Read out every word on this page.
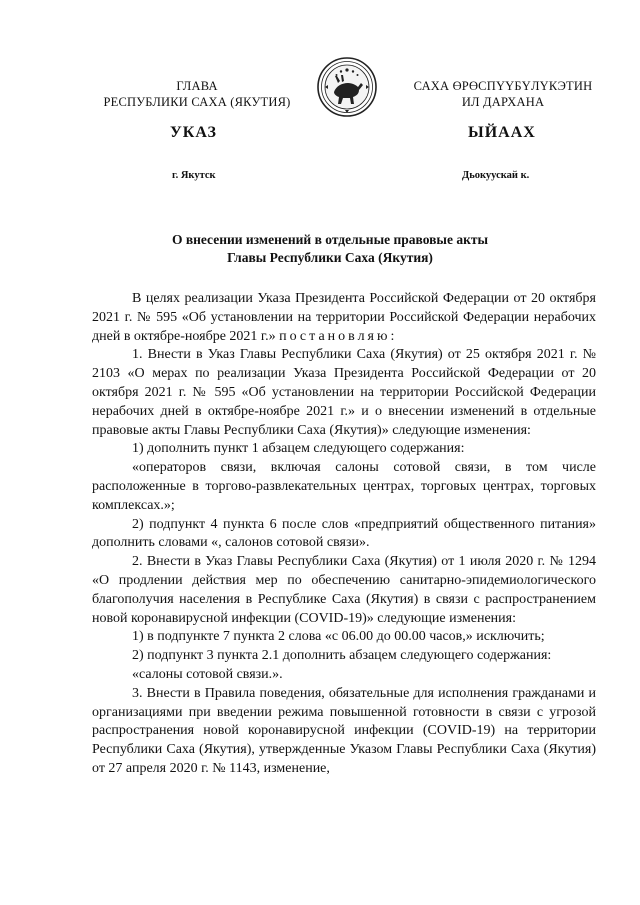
ГЛАВА
РЕСПУБЛИКИ САХА (ЯКУТИЯ)
САХА ӨРӨСПҮҮБҮЛҮКЭТИН
ИЛ ДАРХАНА
УКАЗ	ЫЙААХ
г. Якутск	Дьокуускай к.
О внесении изменений в отдельные правовые акты
Главы Республики Саха (Якутия)

В целях реализации Указа Президента Российской Федерации от 20 октября 2021 г. № 595 «Об установлении на территории Российской Федерации нерабочих дней в октябре-ноябре 2021 г.» постановляю:

1. Внести в Указ Главы Республики Саха (Якутия) от 25 октября 2021 г. № 2103 «О мерах по реализации Указа Президента Российской Федерации от 20 октября 2021 г. № 595 «Об установлении на территории Российской Федерации нерабочих дней в октябре-ноябре 2021 г.» и о внесении изменений в отдельные правовые акты Главы Республики Саха (Якутия)» следующие изменения:

1) дополнить пункт 1 абзацем следующего содержания:

«операторов связи, включая салоны сотовой связи, в том числе расположенные в торгово-развлекательных центрах, торговых центрах, торговых комплексах.»;

2) подпункт 4 пункта 6 после слов «предприятий общественного питания» дополнить словами «, салонов сотовой связи».

2. Внести в Указ Главы Республики Саха (Якутия) от 1 июля 2020 г. № 1294 «О продлении действия мер по обеспечению санитарно-эпидемиологического благополучия населения в Республике Саха (Якутия) в связи с распространением новой коронавирусной инфекции (COVID-19)» следующие изменения:

1) в подпункте 7 пункта 2 слова «с 06.00 до 00.00 часов,» исключить;

2) подпункт 3 пункта 2.1 дополнить абзацем следующего содержания:

«салоны сотовой связи.».

3. Внести в Правила поведения, обязательные для исполнения гражданами и организациями при введении режима повышенной готовности в связи с угрозой распространения новой коронавирусной инфекции (COVID-19) на территории Республики Саха (Якутия), утвержденные Указом Главы Республики Саха (Якутия) от 27 апреля 2020 г. № 1143, изменение,
